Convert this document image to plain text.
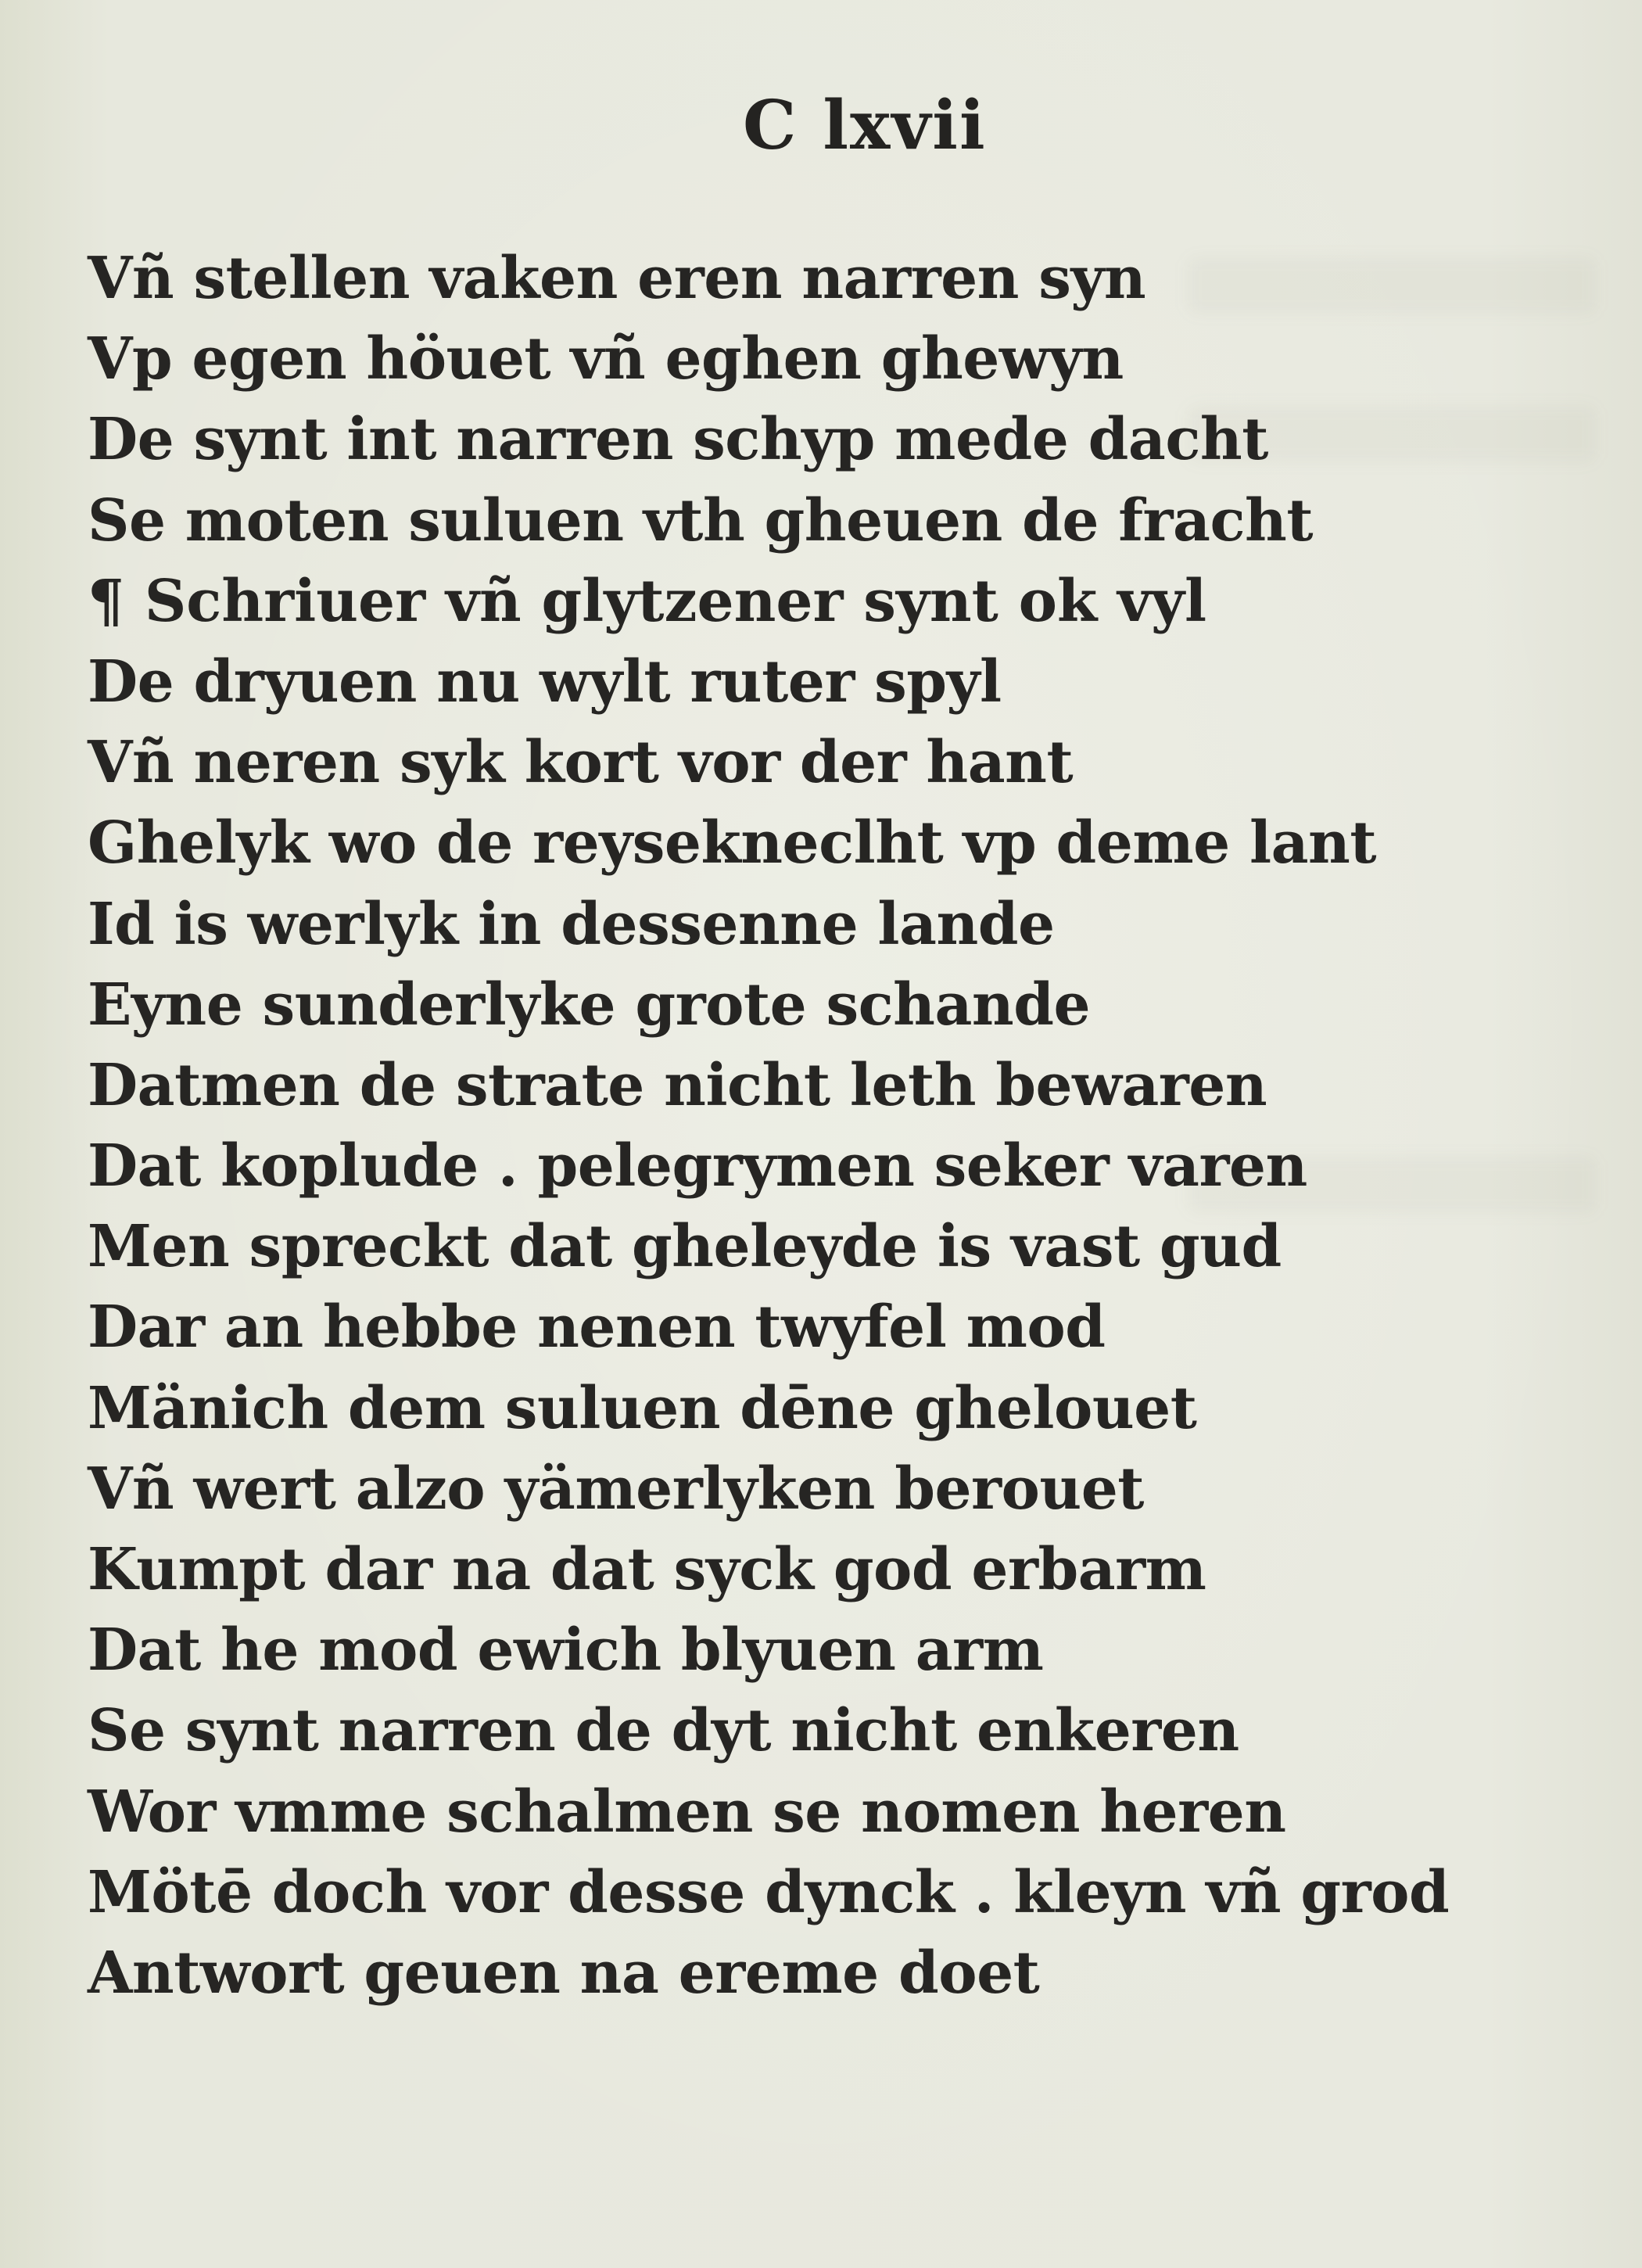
C lxvii
Vñ stellen vaken eren narren syn
Vp egen höuet vñ eghen ghewyn
De synt int narren schyp mede dacht
Se moten suluen vth gheuen de fracht
¶ Schriuer vñ glytzener synt ok vyl
De dryuen nu wylt ruter spyl
Vñ neren syk kort vor der hant
Ghelyk wo de reysekneclht vp deme lant
Id is werlyk in dessenne lande
Eyne sunderlyke grote schande
Datmen de strate nicht leth bewaren
Dat koplude . pelegrymen seker varen
Men spreckt dat gheleyde is vast gud
Dar an hebbe nenen twyfel mod
Mänich dem suluen dēne ghelouet
Vñ wert alzo yämerlyken berouet
Kumpt dar na dat syck god erbarm
Dat he mod ewich blyuen arm
Se synt narren de dyt nicht enkeren
Wor vmme schalmen se nomen heren
Mötē doch vor desse dynck . kleyn vñ grod
Antwort geuen na ereme doet
